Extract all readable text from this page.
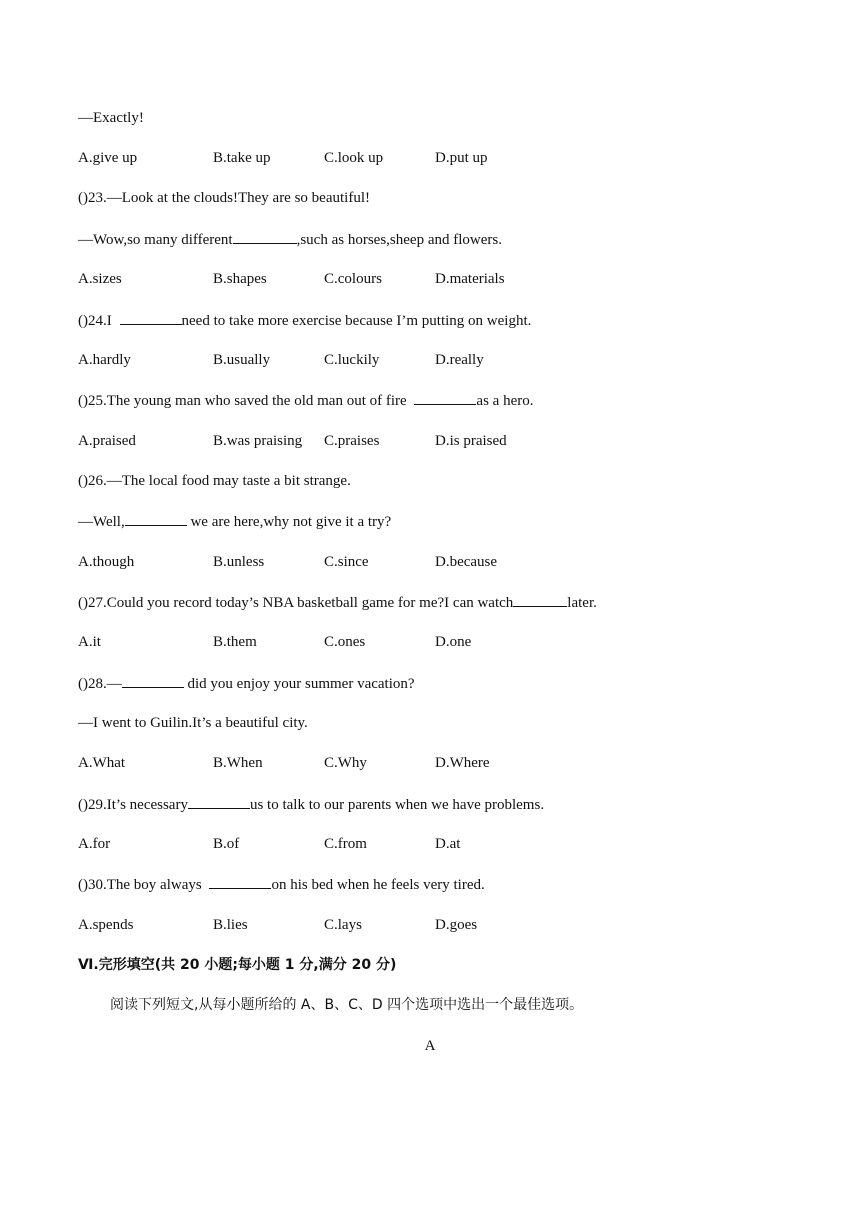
—Exactly!
A.give up	B.take up	C.look up	D.put up
()23.—Look at the clouds!They are so beautiful!
—Wow,so many different	,such as horses,sheep and flowers.
A.sizes	B.shapes	C.colours	D.materials
()24.I	need to take more exercise because I’m putting on weight.
A.hardly	B.usually	C.luckily	D.really
()25.The young man who saved the old man out of fire	as a hero.
A.praised	B.was praising C.praises	D.is praised
()26.—The local food may taste a bit strange.
—Well,	we are here,why not give it a try?
A.though	B.unless	C.since	D.because
()27.Could you record today’s NBA basketball game for me?I can watch	later.
A.it	B.them	C.ones	D.one
()28.—	did you enjoy your summer vacation?
—I went to Guilin.It’s a beautiful city.
A.What	B.When	C.Why	D.Where
()29.It’s necessary	us to talk to our parents when we have problems.
A.for	B.of	C.from	D.at
()30.The boy always	on his bed when he feels very tired.
A.spends	B.lies	C.lays	D.goes
Ⅵ.完形填空(共 20 小题;每小题 1 分,满分 20 分)
阅读下列短文,从每小题所给的 A、B、C、D 四个选项中选出一个最佳选项。
A
